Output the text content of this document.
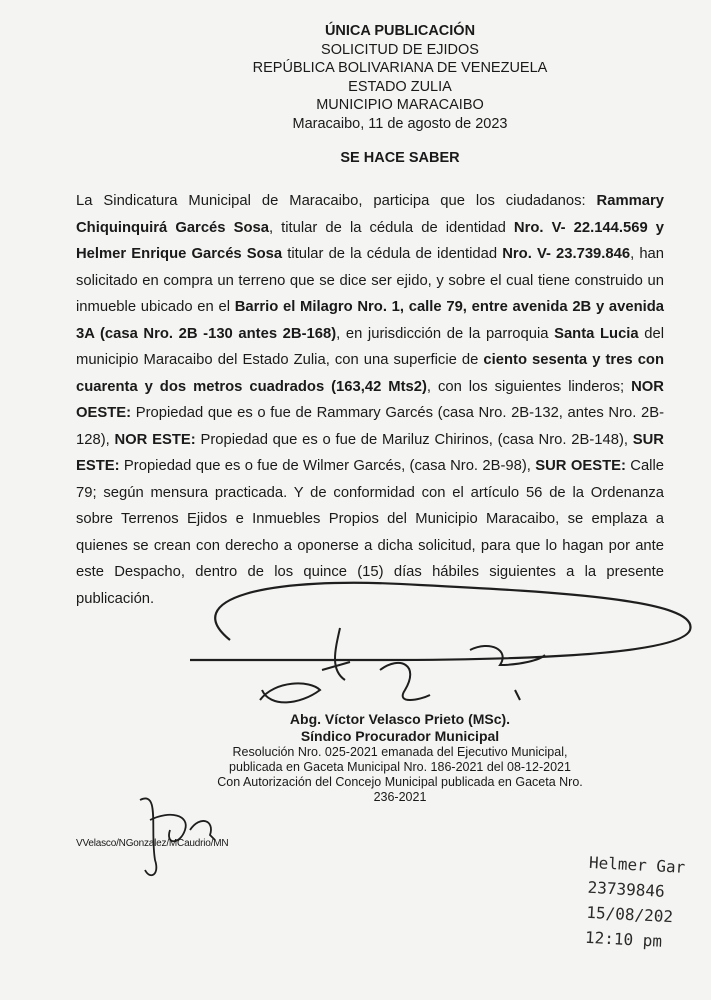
ÚNICA PUBLICACIÓN
SOLICITUD DE EJIDOS
REPÚBLICA BOLIVARIANA DE VENEZUELA
ESTADO ZULIA
MUNICIPIO MARACAIBO
Maracaibo, 11 de agosto de 2023
SE HACE SABER
La Sindicatura Municipal de Maracaibo, participa que los ciudadanos: Rammary Chiquinquirá Garcés Sosa, titular de la cédula de identidad Nro. V- 22.144.569 y Helmer Enrique Garcés Sosa titular de la cédula de identidad Nro. V- 23.739.846, han solicitado en compra un terreno que se dice ser ejido, y sobre el cual tiene construido un inmueble ubicado en el Barrio el Milagro Nro. 1, calle 79, entre avenida 2B y avenida 3A (casa Nro. 2B -130 antes 2B-168), en jurisdicción de la parroquia Santa Lucia del municipio Maracaibo del Estado Zulia, con una superficie de ciento sesenta y tres con cuarenta y dos metros cuadrados (163,42 Mts2), con los siguientes linderos; NOR OESTE: Propiedad que es o fue de Rammary Garcés (casa Nro. 2B-132, antes Nro. 2B-128), NOR ESTE: Propiedad que es o fue de Mariluz Chirinos, (casa Nro. 2B-148), SUR ESTE: Propiedad que es o fue de Wilmer Garcés, (casa Nro. 2B-98), SUR OESTE: Calle 79; según mensura practicada. Y de conformidad con el artículo 56 de la Ordenanza sobre Terrenos Ejidos e Inmuebles Propios del Municipio Maracaibo, se emplaza a quienes se crean con derecho a oponerse a dicha solicitud, para que lo hagan por ante este Despacho, dentro de los quince (15) días hábiles siguientes a la presente publicación.
Abg. Víctor Velasco Prieto (MSc).
Síndico Procurador Municipal
Resolución Nro. 025-2021 emanada del Ejecutivo Municipal,
publicada en Gaceta Municipal Nro. 186-2021 del 08-12-2021
Con Autorización del Concejo Municipal publicada en Gaceta Nro.
236-2021
VVelasco/NGonzalez/MCaudrio/MN
Helmer Gar
23739846
15/08/202
12:10 pm
